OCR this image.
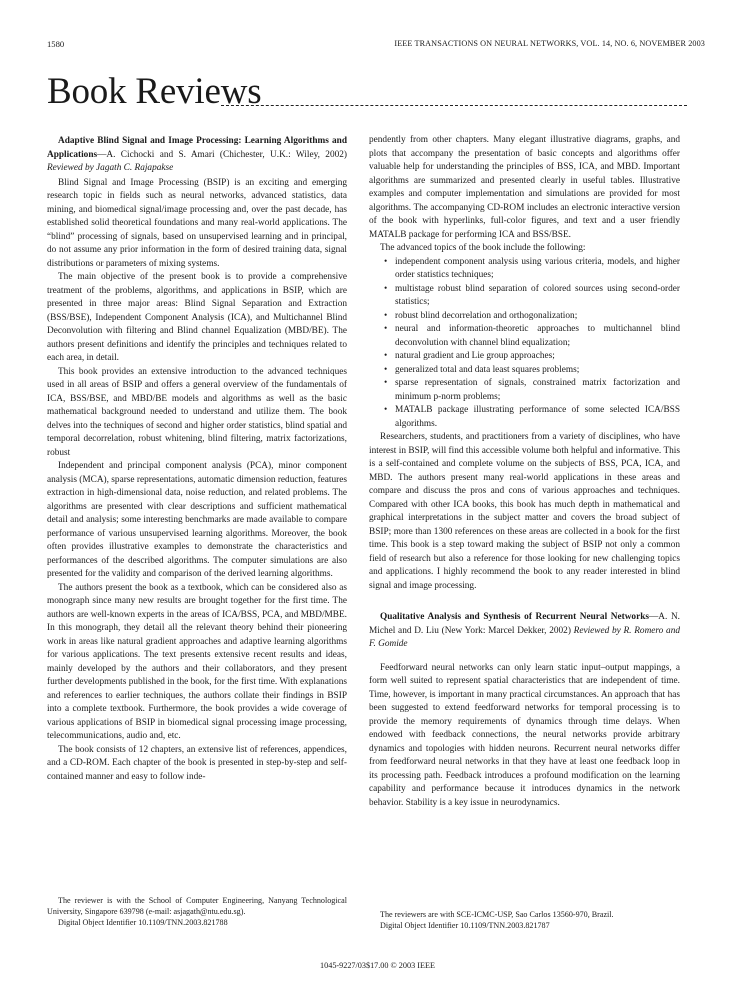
1580	IEEE TRANSACTIONS ON NEURAL NETWORKS, VOL. 14, NO. 6, NOVEMBER 2003
Book Reviews

Adaptive Blind Signal and Image Processing: Learning Algorithms and Applications—A. Cichocki and S. Amari (Chichester, U.K.: Wiley, 2002) Reviewed by Jagath C. Rajapakse

Blind Signal and Image Processing (BSIP) is an exciting and emerging research topic in fields such as neural networks, advanced statistics, data mining, and biomedical signal/image processing and, over the past decade, has established solid theoretical foundations and many real-world applications. The “blind” processing of signals, based on unsupervised learning and in principal, do not assume any prior information in the form of desired training data, signal distributions or parameters of mixing systems.

The main objective of the present book is to provide a comprehensive treatment of the problems, algorithms, and applications in BSIP, which are presented in three major areas: Blind Signal Separation and Extraction (BSS/BSE), Independent Component Analysis (ICA), and Multichannel Blind Deconvolution with filtering and Blind channel Equalization (MBD/BE). The authors present definitions and identify the principles and techniques related to each area, in detail.

This book provides an extensive introduction to the advanced techniques used in all areas of BSIP and offers a general overview of the fundamentals of ICA, BSS/BSE, and MBD/BE models and algorithms as well as the basic mathematical background needed to understand and utilize them. The book delves into the techniques of second and higher order statistics, blind spatial and temporal decorrelation, robust whitening, blind filtering, matrix factorizations, robust

Independent and principal component analysis (PCA), minor component analysis (MCA), sparse representations, automatic dimension reduction, features extraction in high-dimensional data, noise reduction, and related problems. The algorithms are presented with clear descriptions and sufficient mathematical detail and analysis; some interesting benchmarks are made available to compare performance of various unsupervised learning algorithms. Moreover, the book often provides illustrative examples to demonstrate the characteristics and performances of the described algorithms. The computer simulations are also presented for the validity and comparison of the derived learning algorithms.

The authors present the book as a textbook, which can be considered also as monograph since many new results are brought together for the first time. The authors are well-known experts in the areas of ICA/BSS, PCA, and MBD/MBE. In this monograph, they detail all the relevant theory behind their pioneering work in areas like natural gradient approaches and adaptive learning algorithms for various applications. The text presents extensive recent results and ideas, mainly developed by the authors and their collaborators, and they present further developments published in the book, for the first time. With explanations and references to earlier techniques, the authors collate their findings in BSIP into a complete textbook. Furthermore, the book provides a wide coverage of various applications of BSIP in biomedical signal processing image processing, telecommunications, audio and, etc.

The book consists of 12 chapters, an extensive list of references, appendices, and a CD-ROM. Each chapter of the book is presented in step-by-step and self-contained manner and easy to follow inde-

pendently from other chapters. Many elegant illustrative diagrams, graphs, and plots that accompany the presentation of basic concepts and algorithms offer valuable help for understanding the principles of BSS, ICA, and MBD. Important algorithms are summarized and presented clearly in useful tables. Illustrative examples and computer implementation and simulations are provided for most algorithms. The accompanying CD-ROM includes an electronic interactive version of the book with hyperlinks, full-color figures, and text and a user friendly MATALB package for performing ICA and BSS/BSE.

The advanced topics of the book include the following:

• independent component analysis using various criteria, models, and higher order statistics techniques;
• multistage robust blind separation of colored sources using second-order statistics;
• robust blind decorrelation and orthogonalization;
• neural and information-theoretic approaches to multichannel blind deconvolution with channel blind equalization;
• natural gradient and Lie group approaches;
• generalized total and data least squares problems;
• sparse representation of signals, constrained matrix factorization and minimum p-norm problems;
• MATALB package illustrating performance of some selected ICA/BSS algorithms.

Researchers, students, and practitioners from a variety of disciplines, who have interest in BSIP, will find this accessible volume both helpful and informative. This is a self-contained and complete volume on the subjects of BSS, PCA, ICA, and MBD. The authors present many real-world applications in these areas and compare and discuss the pros and cons of various approaches and techniques. Compared with other ICA books, this book has much depth in mathematical and graphical interpretations in the subject matter and covers the broad subject of BSIP; more than 1300 references on these areas are collected in a book for the first time. This book is a step toward making the subject of BSIP not only a common field of research but also a reference for those looking for new challenging topics and applications. I highly recommend the book to any reader interested in blind signal and image processing.

Qualitative Analysis and Synthesis of Recurrent Neural Networks—A. N. Michel and D. Liu (New York: Marcel Dekker, 2002) Reviewed by R. Romero and F. Gomide

Feedforward neural networks can only learn static input–output mappings, a form well suited to represent spatial characteristics that are independent of time. Time, however, is important in many practical circumstances. An approach that has been suggested to extend feedforward networks for temporal processing is to provide the memory requirements of dynamics through time delays. When endowed with feedback connections, the neural networks provide arbitrary dynamics and topologies with hidden neurons. Recurrent neural networks differ from feedforward neural networks in that they have at least one feedback loop in its processing path. Feedback introduces a profound modification on the learning capability and performance because it introduces dynamics in the network behavior. Stability is a key issue in neurodynamics.

The reviewer is with the School of Computer Engineering, Nanyang Technological University, Singapore 639798 (e-mail: asjagath@ntu.edu.sg).

Digital Object Identifier 10.1109/TNN.2003.821788

The reviewers are with SCE-ICMC-USP, Sao Carlos 13560-970, Brazil.

Digital Object Identifier 10.1109/TNN.2003.821787

1045-9227/03$17.00 © 2003 IEEE
